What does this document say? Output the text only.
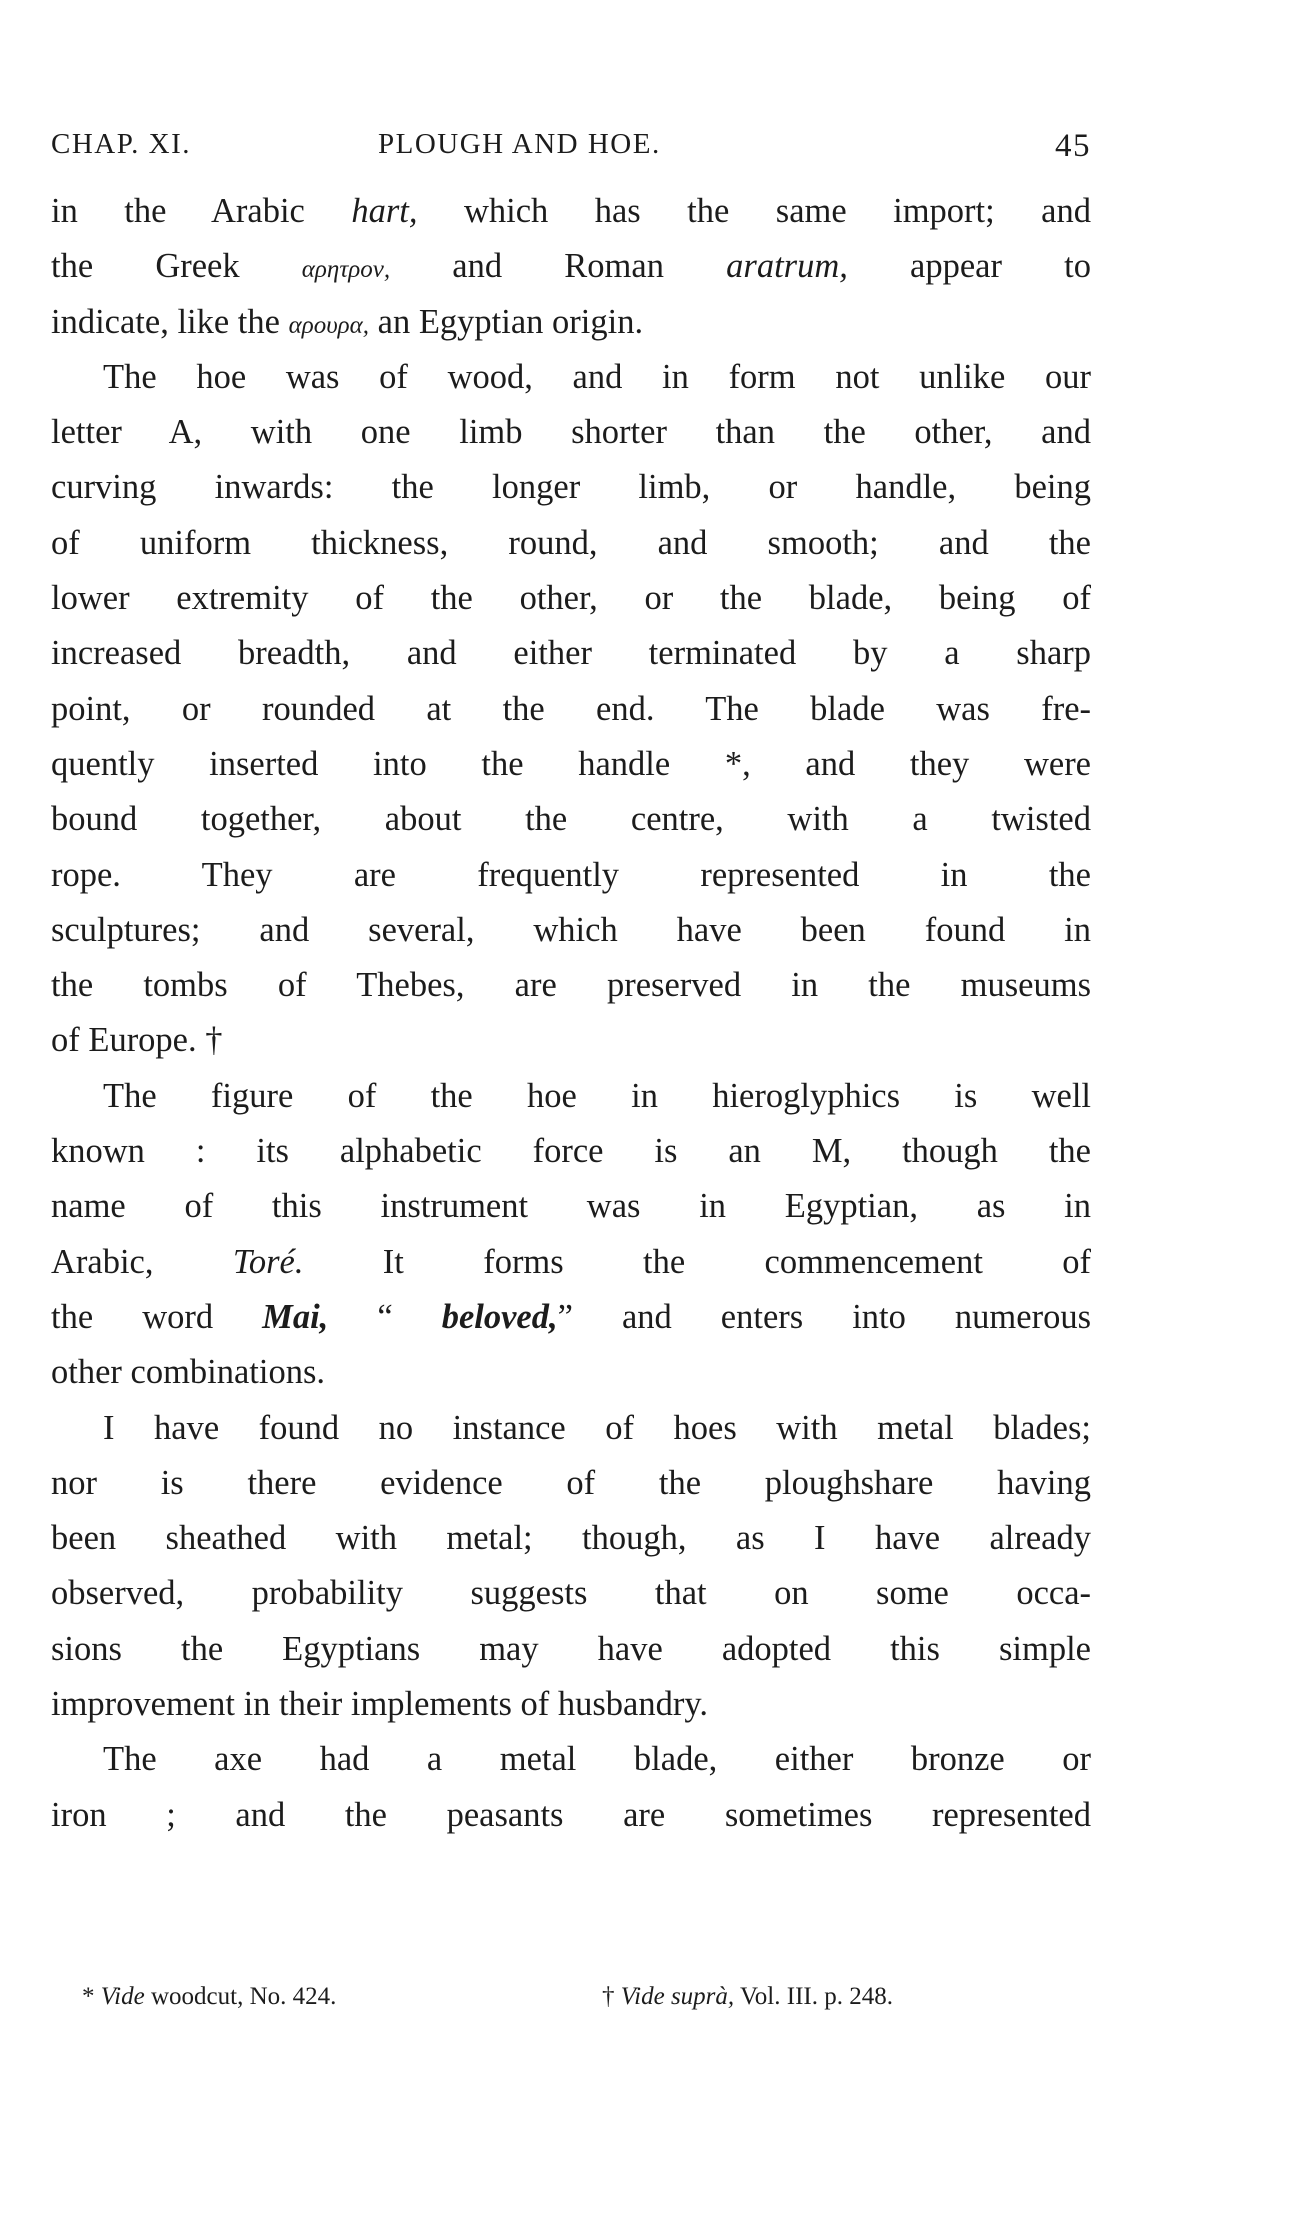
CHAP. XI.	PLOUGH AND HOE.	45

in the Arabic hart, which has the same import; and
the Greek αρητρον, and Roman aratrum, appear to
indicate, like the αρουρα, an Egyptian origin.

The hoe was of wood, and in form not unlike our
letter A, with one limb shorter than the other, and
curving inwards: the longer limb, or handle, being
of uniform thickness, round, and smooth; and the
lower extremity of the other, or the blade, being of
increased breadth, and either terminated by a sharp
point, or rounded at the end. The blade was fre-
quently inserted into the handle *, and they were
bound together, about the centre, with a twisted
rope. They are frequently represented in the
sculptures; and several, which have been found in
the tombs of Thebes, are preserved in the museums
of Europe. †

The figure of the hoe in hieroglyphics is well
known : its alphabetic force is an M, though the
name of this instrument was in Egyptian, as in
Arabic, Toré. It forms the commencement of
the word Mai, “ beloved,” and enters into numerous
other combinations.

I have found no instance of hoes with metal blades;
nor is there evidence of the ploughshare having
been sheathed with metal; though, as I have already
observed, probability suggests that on some occa-
sions the Egyptians may have adopted this simple
improvement in their implements of husbandry.

The axe had a metal blade, either bronze or
iron ; and the peasants are sometimes represented

* Vide woodcut, No. 424.	† Vide suprà, Vol. III. p. 248.
